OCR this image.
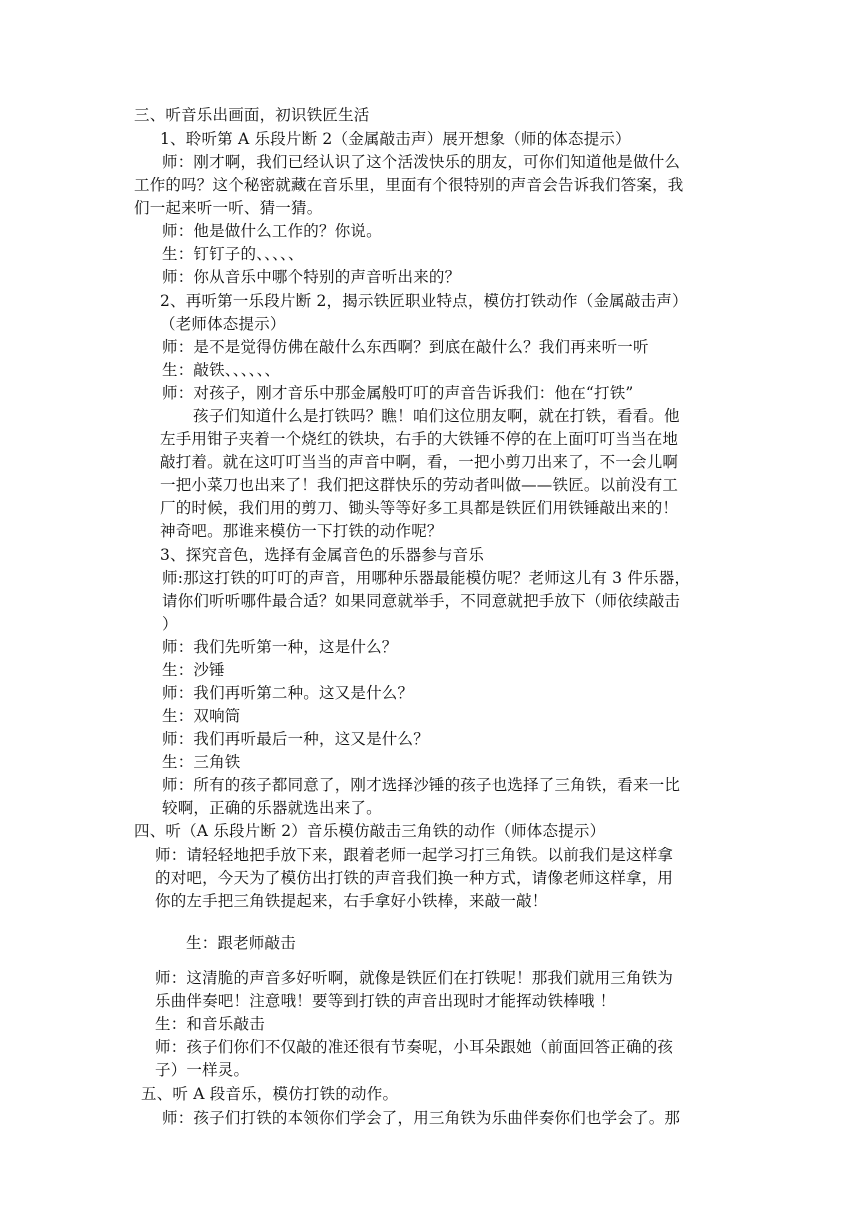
三、听音乐出画面，初识铁匠生活
1、聆听第 A 乐段片断 2（金属敲击声）展开想象（师的体态提示）
师：刚才啊，我们已经认识了这个活泼快乐的朋友，可你们知道他是做什么
工作的吗？这个秘密就藏在音乐里，里面有个很特别的声音会告诉我们答案，我
们一起来听一听、猜一猜。
师：他是做什么工作的？你说。
生：钉钉子的、、、、、
师：你从音乐中哪个特别的声音听出来的？
2、再听第一乐段片断 2，揭示铁匠职业特点，模仿打铁动作（金属敲击声）
（老师体态提示）
师：是不是觉得仿佛在敲什么东西啊？到底在敲什么？我们再来听一听
生：敲铁、、、、、、
师：对孩子，刚才音乐中那金属般叮叮的声音告诉我们：他在“打铁”
孩子们知道什么是打铁吗？瞧！咱们这位朋友啊，就在打铁，看看。他
左手用钳子夹着一个烧红的铁块，右手的大铁锤不停的在上面叮叮当当在地
敲打着。就在这叮叮当当的声音中啊，看，一把小剪刀出来了，不一会儿啊
一把小菜刀也出来了！我们把这群快乐的劳动者叫做——铁匠。以前没有工
厂的时候，我们用的剪刀、锄头等等好多工具都是铁匠们用铁锤敲出来的！
神奇吧。那谁来模仿一下打铁的动作呢？
3、探究音色，选择有金属音色的乐器参与音乐
师:那这打铁的叮叮的声音，用哪种乐器最能模仿呢？老师这儿有 3 件乐器，
请你们听听哪件最合适？如果同意就举手，不同意就把手放下（师依续敲击
）
师：我们先听第一种，这是什么？
生：沙锤
师：我们再听第二种。这又是什么？
生：双响筒
师：我们再听最后一种，这又是什么？
生：三角铁
师：所有的孩子都同意了，刚才选择沙锤的孩子也选择了三角铁，看来一比
较啊，正确的乐器就选出来了。
四、听（A 乐段片断 2）音乐模仿敲击三角铁的动作（师体态提示）
师：请轻轻地把手放下来，跟着老师一起学习打三角铁。以前我们是这样拿
的对吧，今天为了模仿出打铁的声音我们换一种方式，请像老师这样拿，用
你的左手把三角铁提起来，右手拿好小铁棒，来敲一敲！
生：跟老师敲击
师：这清脆的声音多好听啊，就像是铁匠们在打铁呢！那我们就用三角铁为
乐曲伴奏吧！注意哦！要等到打铁的声音出现时才能挥动铁棒哦 ！
生：和音乐敲击
师：孩子们你们不仅敲的准还很有节奏呢，小耳朵跟她（前面回答正确的孩
子）一样灵。
五、听 A 段音乐，模仿打铁的动作。
师：孩子们打铁的本领你们学会了，用三角铁为乐曲伴奏你们也学会了。那
